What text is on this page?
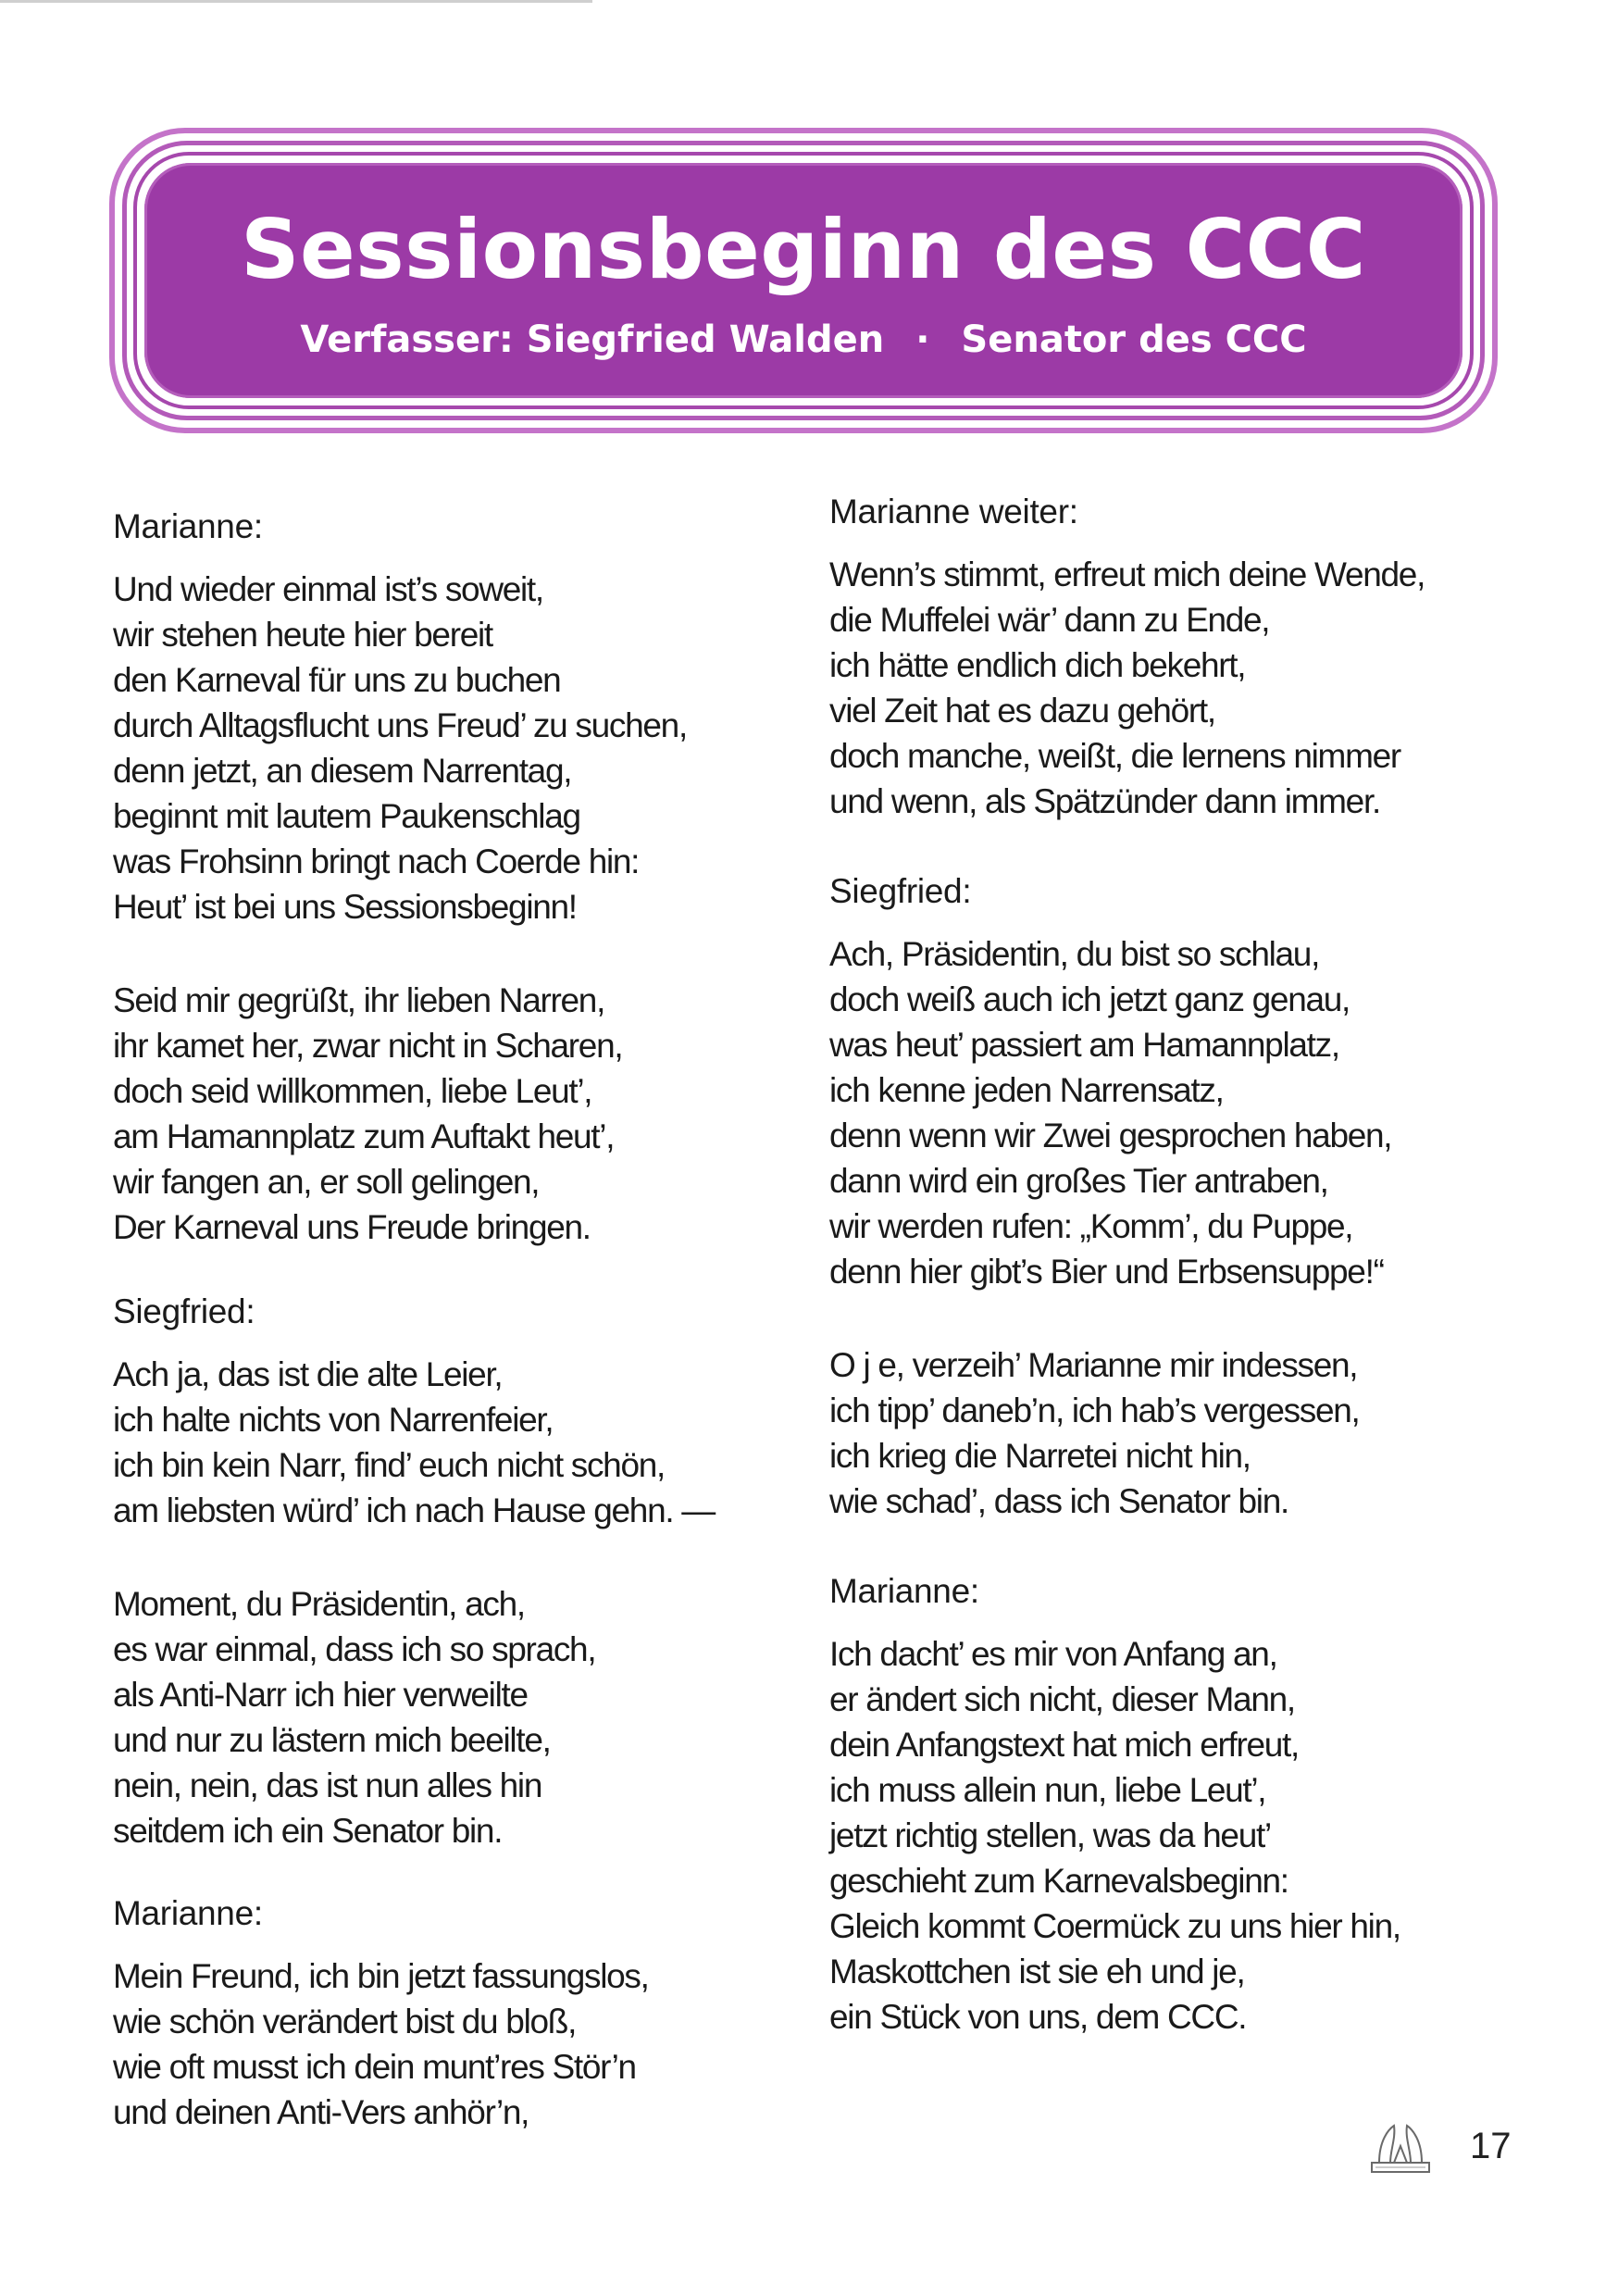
Sessionsbeginn des CCC
Verfasser: Siegfried Walden · Senator des CCC
Marianne:
Und wieder einmal ist’s soweit,
wir stehen heute hier bereit
den Karneval für uns zu buchen
durch Alltagsflucht uns Freud’ zu suchen,
denn jetzt, an diesem Narrentag,
beginnt mit lautem Paukenschlag
was Frohsinn bringt nach Coerde hin:
Heut’ ist bei uns Sessionsbeginn!
Seid mir gegrüßt, ihr lieben Narren,
ihr kamet her, zwar nicht in Scharen,
doch seid willkommen, liebe Leut’,
am Hamannplatz zum Auftakt heut’,
wir fangen an, er soll gelingen,
Der Karneval uns Freude bringen.
Siegfried:
Ach ja, das ist die alte Leier,
ich halte nichts von Narrenfeier,
ich bin kein Narr, find’ euch nicht schön,
am liebsten würd’ ich nach Hause gehn. —
Moment, du Präsidentin, ach,
es war einmal, dass ich so sprach,
als Anti-Narr ich hier verweilte
und nur zu lästern mich beeilte,
nein, nein, das ist nun alles hin
seitdem ich ein Senator bin.
Marianne:
Mein Freund, ich bin jetzt fassungslos,
wie schön verändert bist du bloß,
wie oft musst ich dein munt’res Stör’n
und deinen Anti-Vers anhör’n,
Marianne weiter:
Wenn’s stimmt, erfreut mich deine Wende,
die Muffelei wär’ dann zu Ende,
ich hätte endlich dich bekehrt,
viel Zeit hat es dazu gehört,
doch manche, weißt, die lernens nimmer
und wenn, als Spätzünder dann immer.
Siegfried:
Ach, Präsidentin, du bist so schlau,
doch weiß auch ich jetzt ganz genau,
was heut’ passiert am Hamannplatz,
ich kenne jeden Narrensatz,
denn wenn wir Zwei gesprochen haben,
dann wird ein großes Tier antraben,
wir werden rufen: „Komm’, du Puppe,
denn hier gibt’s Bier und Erbsensuppe!“
O j e, verzeih’ Marianne mir indessen,
ich tipp’ daneb’n, ich hab’s vergessen,
ich krieg die Narretei nicht hin,
wie schad’, dass ich Senator bin.
Marianne:
Ich dacht’ es mir von Anfang an,
er ändert sich nicht, dieser Mann,
dein Anfangstext hat mich erfreut,
ich muss allein nun, liebe Leut’,
jetzt richtig stellen, was da heut’
geschieht zum Karnevalsbeginn:
Gleich kommt Coermück zu uns hier hin,
Maskottchen ist sie eh und je,
ein Stück von uns, dem CCC.
17
